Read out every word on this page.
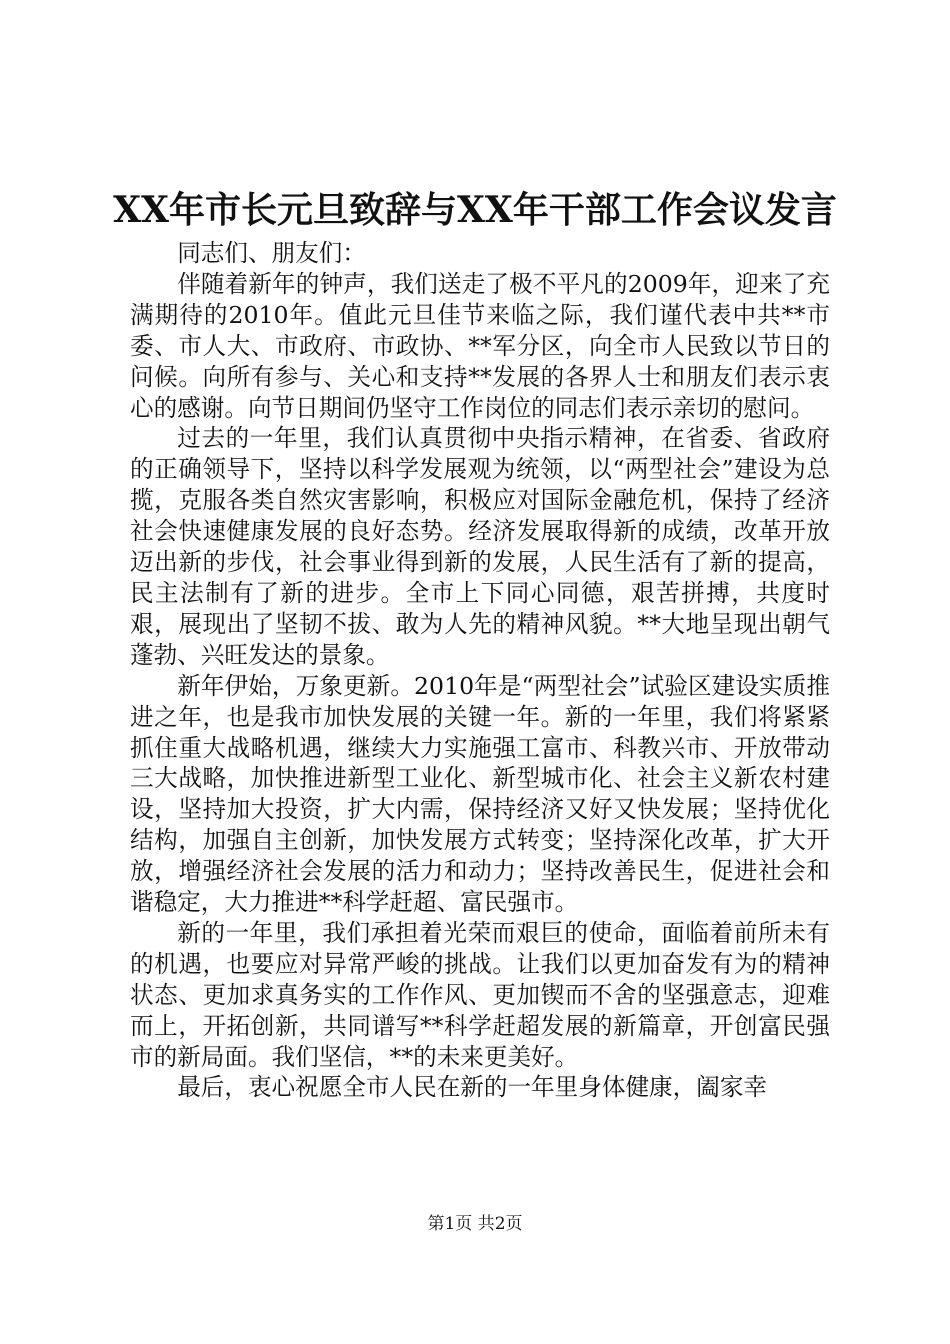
XX年市长元旦致辞与XX年干部工作会议发言

同志们、朋友们：

伴随着新年的钟声，我们送走了极不平凡的2009年，迎来了充满期待的2010年。值此元旦佳节来临之际，我们谨代表中共**市委、市人大、市政府、市政协、**军分区，向全市人民致以节日的问候。向所有参与、关心和支持**发展的各界人士和朋友们表示衷心的感谢。向节日期间仍坚守工作岗位的同志们表示亲切的慰问。

过去的一年里，我们认真贯彻中央指示精神，在省委、省政府的正确领导下，坚持以科学发展观为统领，以“两型社会”建设为总揽，克服各类自然灾害影响，积极应对国际金融危机，保持了经济社会快速健康发展的良好态势。经济发展取得新的成绩，改革开放迈出新的步伐，社会事业得到新的发展，人民生活有了新的提高，民主法制有了新的进步。全市上下同心同德，艰苦拼搏，共度时艰，展现出了坚韧不拔、敢为人先的精神风貌。**大地呈现出朝气蓬勃、兴旺发达的景象。

新年伊始，万象更新。2010年是“两型社会”试验区建设实质推进之年，也是我市加快发展的关键一年。新的一年里，我们将紧紧抓住重大战略机遇，继续大力实施强工富市、科教兴市、开放带动三大战略，加快推进新型工业化、新型城市化、社会主义新农村建设，坚持加大投资，扩大内需，保持经济又好又快发展；坚持优化结构，加强自主创新，加快发展方式转变；坚持深化改革，扩大开放，增强经济社会发展的活力和动力；坚持改善民生，促进社会和谐稳定，大力推进**科学赶超、富民强市。

新的一年里，我们承担着光荣而艰巨的使命，面临着前所未有的机遇，也要应对异常严峻的挑战。让我们以更加奋发有为的精神状态、更加求真务实的工作作风、更加锲而不舍的坚强意志，迎难而上，开拓创新，共同谱写**科学赶超发展的新篇章，开创富民强市的新局面。我们坚信，**的未来更美好。

最后，衷心祝愿全市人民在新的一年里身体健康，阖家幸

第1页 共2页
